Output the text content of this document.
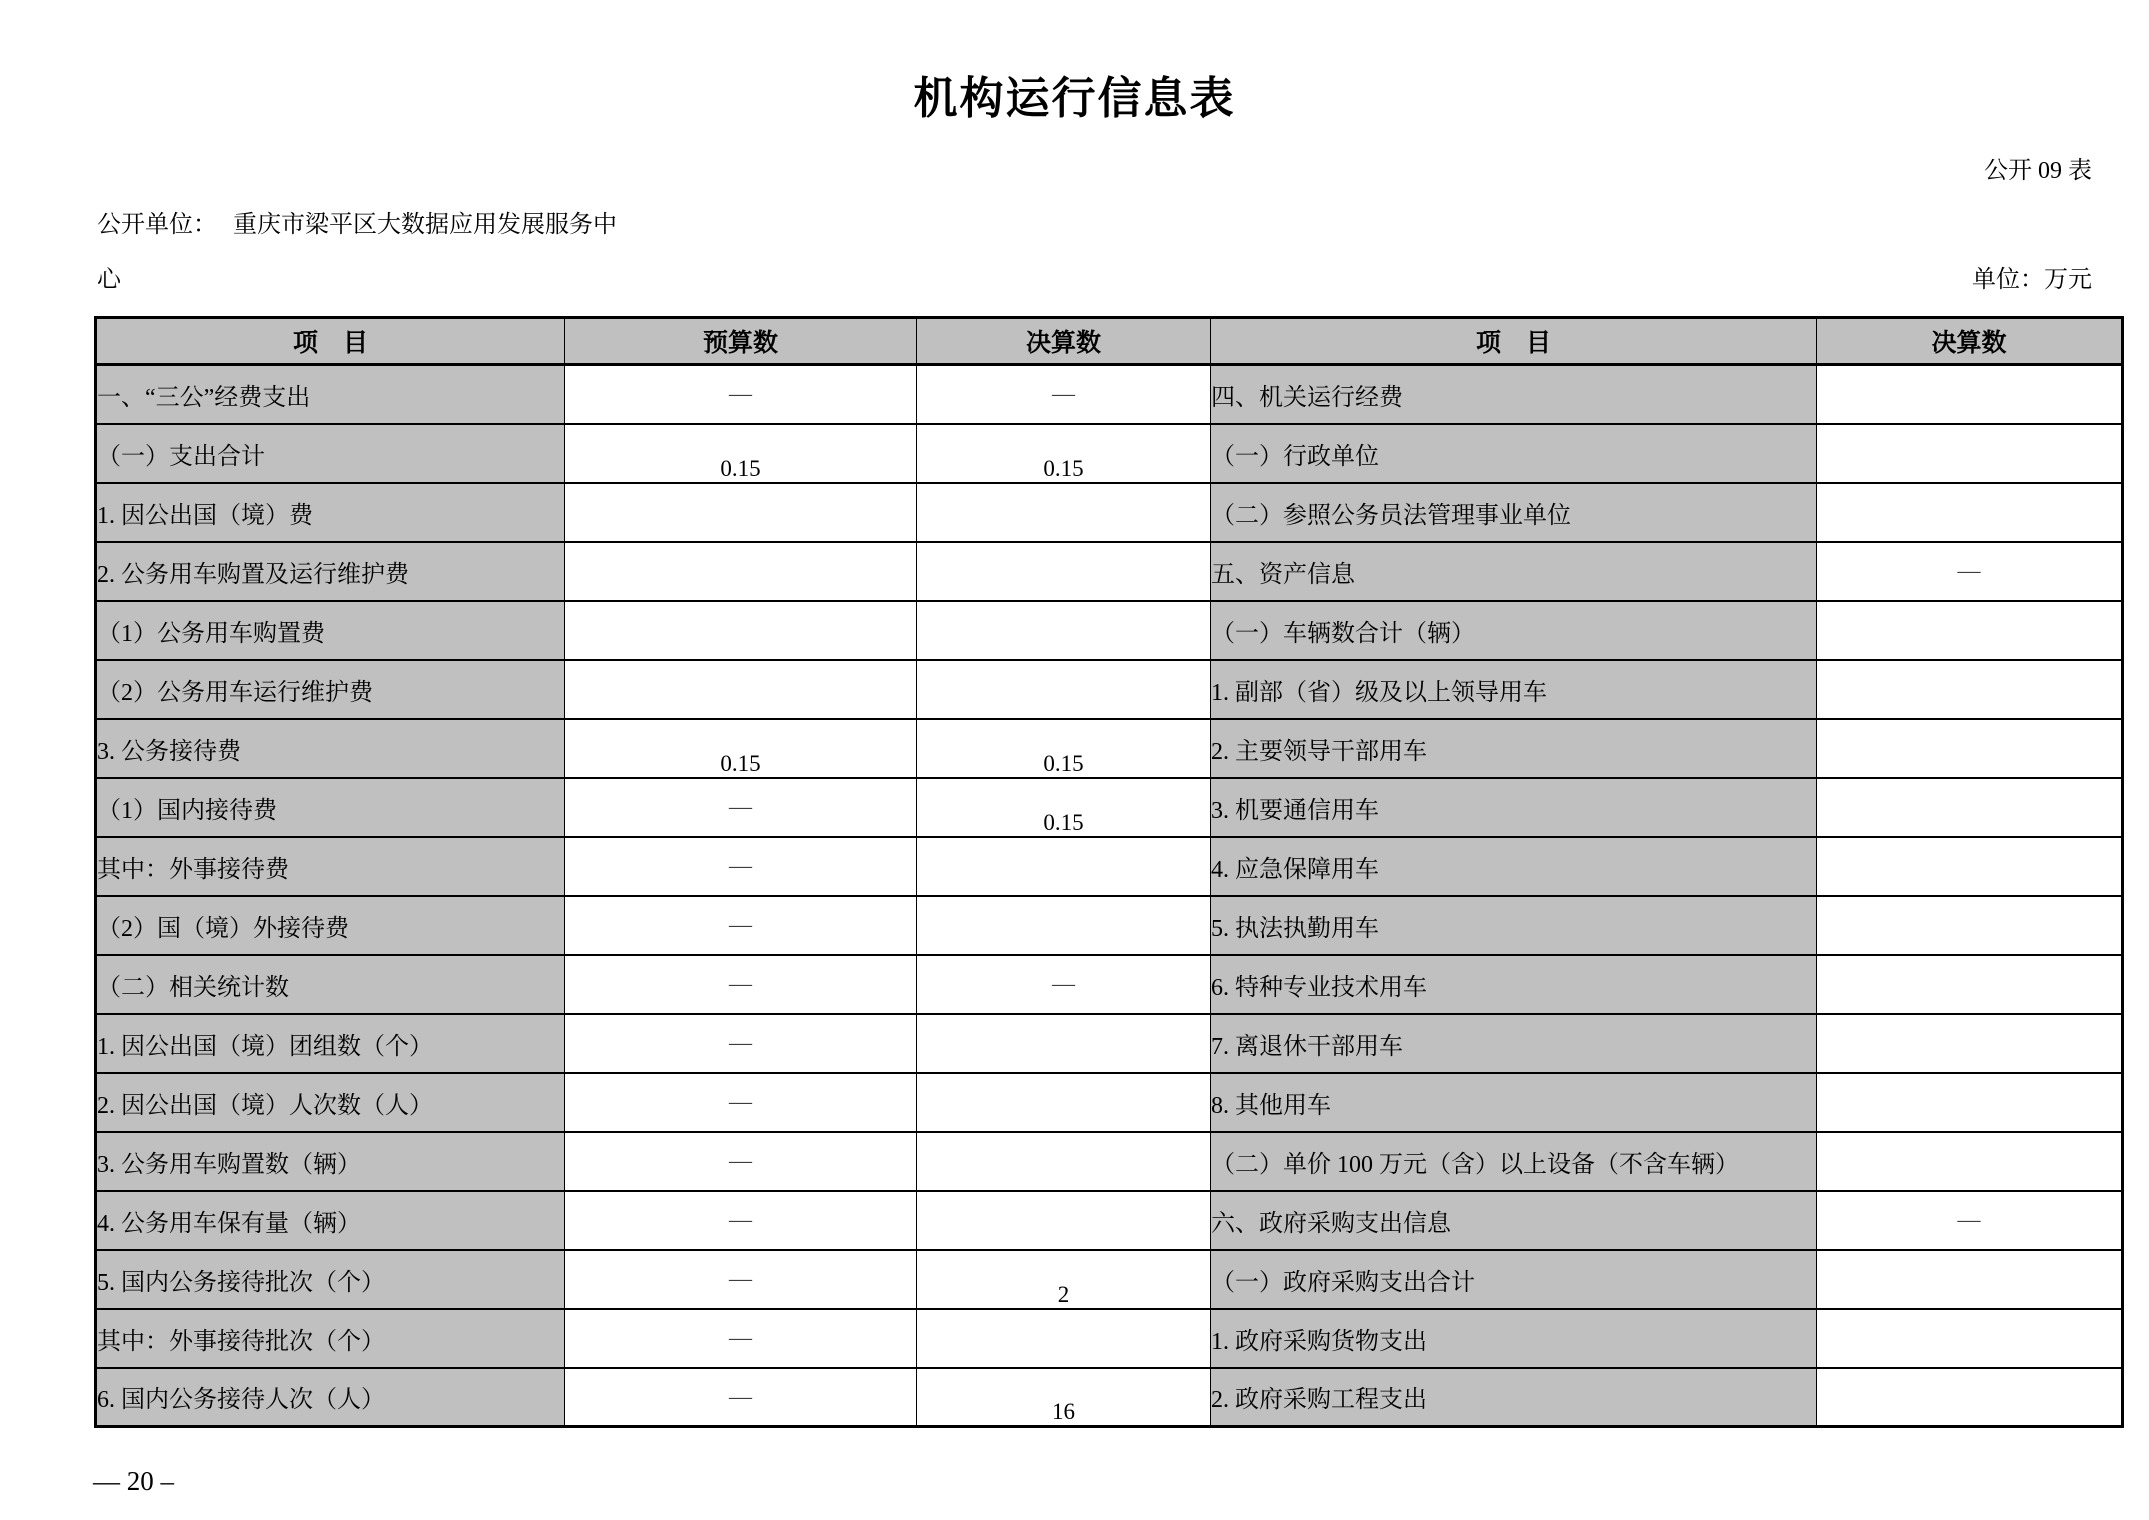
机构运行信息表
公开 09 表
公开单位： 重庆市梁平区大数据应用发展服务中
心	单位：万元
项　目	预算数	决算数	项　目	决算数
一、“三公”经费支出	—	—	四、机关运行经费	
（一）支出合计	0.15	0.15	（一）行政单位	
1. 因公出国（境）费			（二）参照公务员法管理事业单位	
2. 公务用车购置及运行维护费			五、资产信息	—
（1）公务用车购置费			（一）车辆数合计（辆）	
（2）公务用车运行维护费			1. 副部（省）级及以上领导用车	
3. 公务接待费	0.15	0.15	2. 主要领导干部用车	
（1）国内接待费	—	0.15	3. 机要通信用车	
其中：外事接待费	—		4. 应急保障用车	
（2）国（境）外接待费	—		5. 执法执勤用车	
（二）相关统计数	—	—	6. 特种专业技术用车	
1. 因公出国（境）团组数（个）	—		7. 离退休干部用车	
2. 因公出国（境）人次数（人）	—		8. 其他用车	
3. 公务用车购置数（辆）	—		（二）单价 100 万元（含）以上设备（不含车辆）	
4. 公务用车保有量（辆）	—		六、政府采购支出信息	—
5. 国内公务接待批次（个）	—	2	（一）政府采购支出合计	
其中：外事接待批次（个）	—		1. 政府采购货物支出	
6. 国内公务接待人次（人）	—	16	2. 政府采购工程支出	
— 20 –
